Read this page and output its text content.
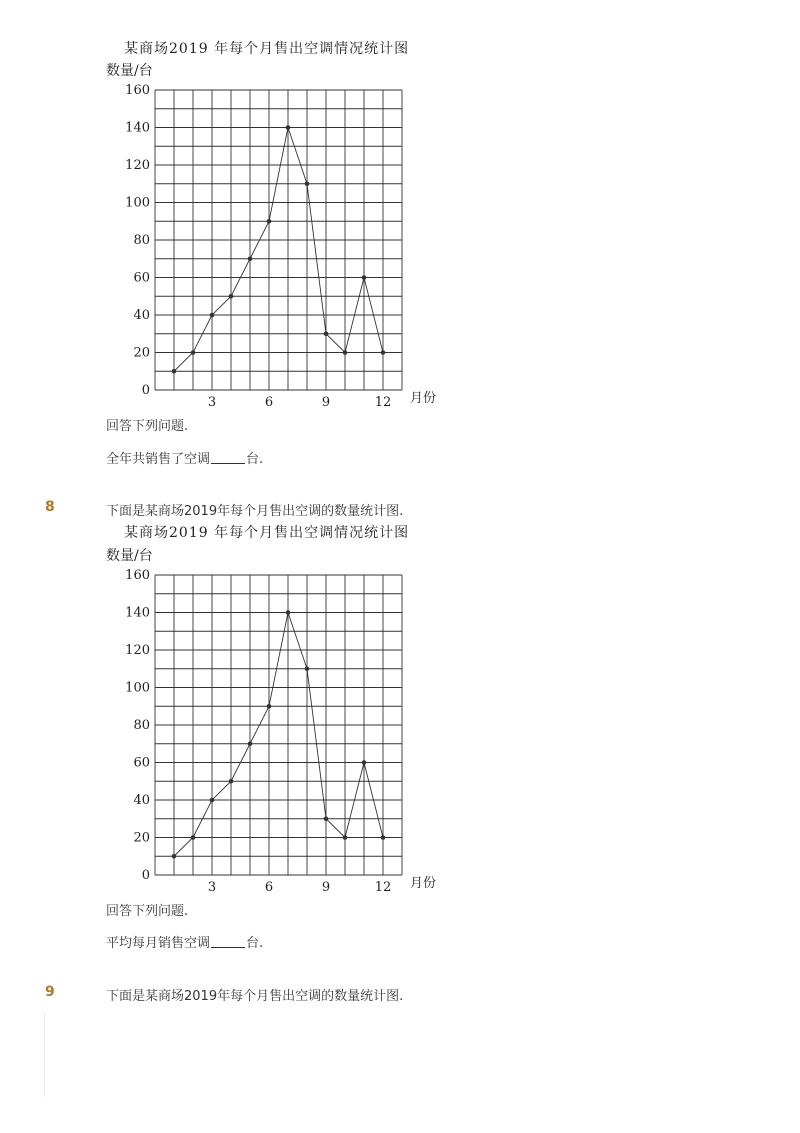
某商场2019 年每个月售出空调情况统计图
数量/台
0
20
40
60
80
100
120
140
160
3	6	9	12 月份
回答下列问题.
全年共销售了空调	台.
8	下面是某商场2019年每个月售出空调的数量统计图.
某商场2019 年每个月售出空调情况统计图
数量/台
0
20
40
60
80
100
120
140
160
3	6	9	12 月份
回答下列问题.
平均每月销售空调	台.
9	下面是某商场2019年每个月售出空调的数量统计图.
